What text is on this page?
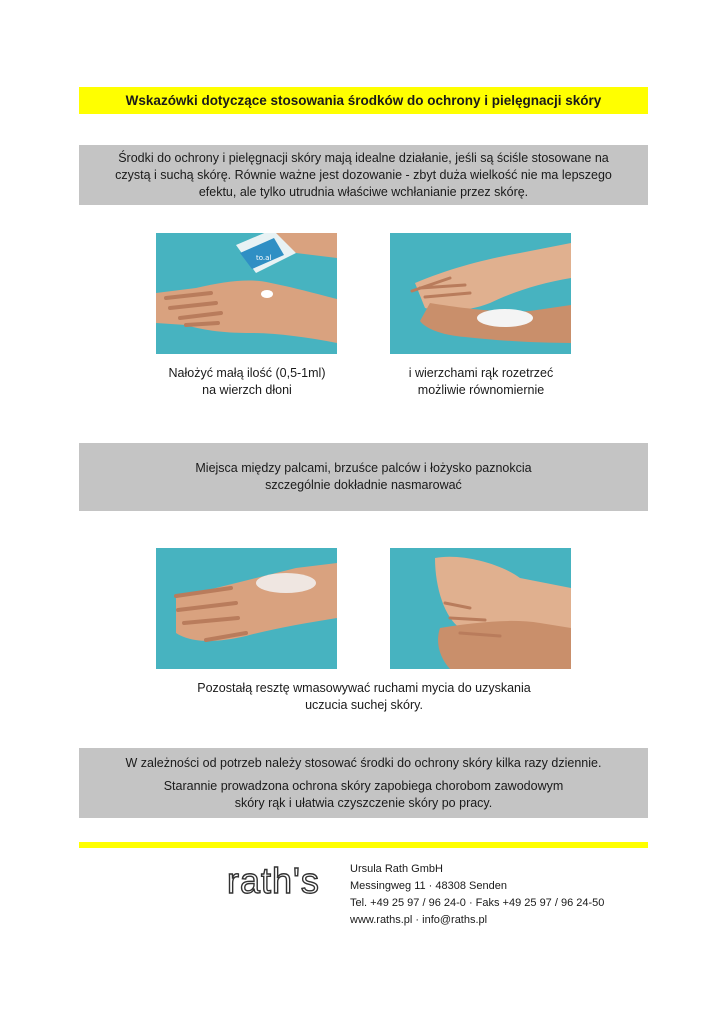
Wskazówki dotyczące stosowania środków do ochrony i pielęgnacji skóry
Środki do ochrony i pielęgnacji skóry mają idealne działanie, jeśli są ściśle stosowane na
czystą i suchą skórę. Równie ważne jest dozowanie - zbyt duża wielkość nie ma lepszego
efektu, ale tylko utrudnia właściwe wchłanianie przez skórę.
to.al
Nałożyć małą ilość (0,5-1ml)
na wierzch dłoni
i wierzchami rąk rozetrzeć
możliwie równomiernie
Miejsca między palcami, brzuśce palców i łożysko paznokcia
szczególnie dokładnie nasmarować
Pozostałą resztę wmasowywać ruchami mycia do uzyskania
uczucia suchej skóry.

W zależności od potrzeb należy stosować środki do ochrony skóry kilka razy dziennie.

Starannie prowadzona ochrona skóry zapobiega chorobom zawodowym
skóry rąk i ułatwia czyszczenie skóry po pracy.

rath's	Ursula Rath GmbH
Messingweg 11 · 48308 Senden
Tel. +49 25 97 / 96 24-0 · Faks +49 25 97 / 96 24-50
www.raths.pl · info@raths.pl
